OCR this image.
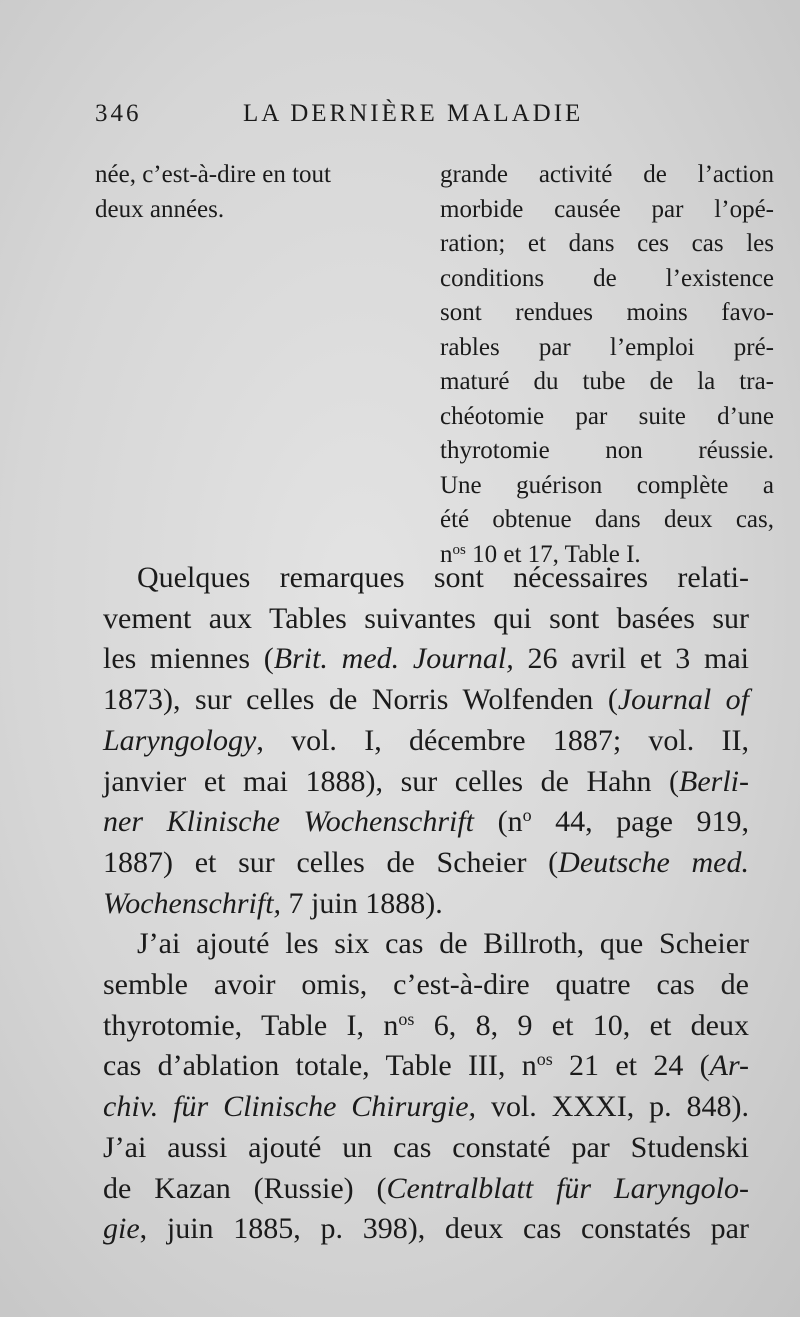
346	LA DERNIÈRE MALADIE
née, c’est-à-dire en tout
deux années.
grande activité de l’action
morbide causée par l’opé-
ration; et dans ces cas les
conditions de l’existence
sont rendues moins favo-
rables par l’emploi pré-
maturé du tube de la tra-
chéotomie par suite d’une
thyrotomie non réussie.
Une guérison complète a
été obtenue dans deux cas,
$n^{os}$ 10 et 17, Table I.
Quelques remarques sont nécessaires relati-
vement aux Tables suivantes qui sont basées sur
les miennes (Brit. med. Journal, 26 avril et 3 mai
1873), sur celles de Norris Wolfenden (Journal of
Laryngology, vol. I, décembre 1887; vol. II,
janvier et mai 1888), sur celles de Hahn (Berli-
ner Klinische Wochenschrift ($n^o$ 44, page 919,
1887) et sur celles de Scheier (Deutsche med.
Wochenschrift, 7 juin 1888).
J’ai ajouté les six cas de Billroth, que Scheier
semble avoir omis, c’est-à-dire quatre cas de
thyrotomie, Table I, $n^{os}$ 6, 8, 9 et 10, et deux
cas d’ablation totale, Table III, $n^{os}$ 21 et 24 (Ar-
chiv. für Clinische Chirurgie, vol. XXXI, p. 848).
J’ai aussi ajouté un cas constaté par Studenski
de Kazan (Russie) (Centralblatt für Laryngolo-
gie, juin 1885, p. 398), deux cas constatés par
